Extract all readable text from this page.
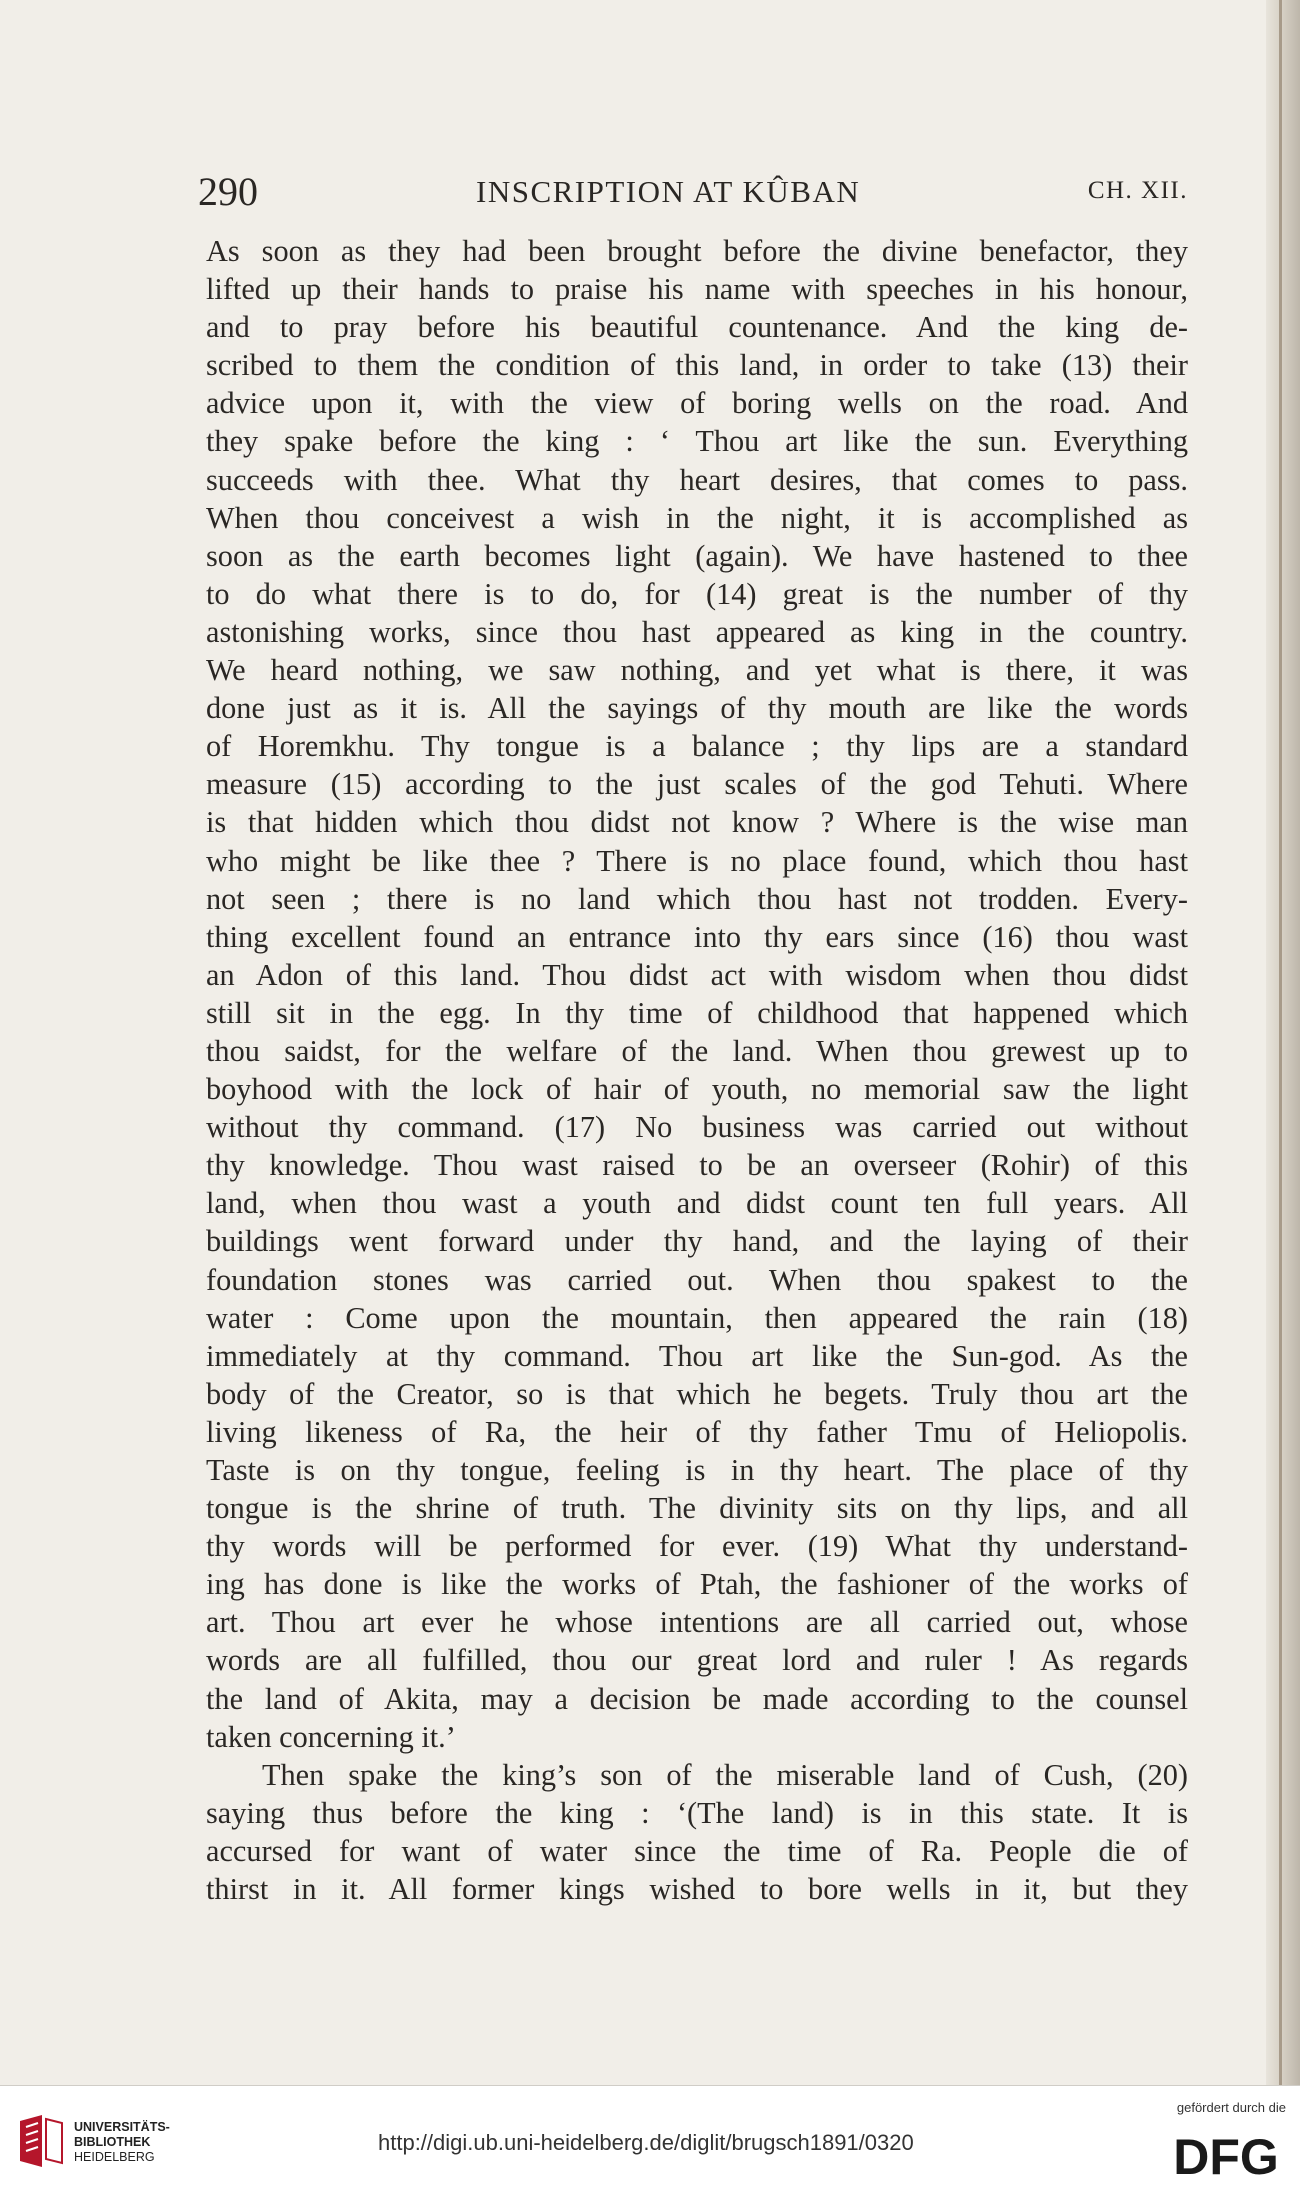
290	INSCRIPTION AT KÛBAN	CH. XII.
As soon as they had been brought before the divine benefactor, they
lifted up their hands to praise his name with speeches in his honour,
and to pray before his beautiful countenance. And the king de-
scribed to them the condition of this land, in order to take (13) their
advice upon it, with the view of boring wells on the road. And
they spake before the king : ‘ Thou art like the sun. Everything
succeeds with thee. What thy heart desires, that comes to pass.
When thou conceivest a wish in the night, it is accomplished as
soon as the earth becomes light (again). We have hastened to thee
to do what there is to do, for (14) great is the number of thy
astonishing works, since thou hast appeared as king in the country.
We heard nothing, we saw nothing, and yet what is there, it was
done just as it is. All the sayings of thy mouth are like the words
of Horemkhu. Thy tongue is a balance ; thy lips are a standard
measure (15) according to the just scales of the god Tehuti. Where
is that hidden which thou didst not know ? Where is the wise man
who might be like thee ? There is no place found, which thou hast
not seen ; there is no land which thou hast not trodden. Every-
thing excellent found an entrance into thy ears since (16) thou wast
an Adon of this land. Thou didst act with wisdom when thou didst
still sit in the egg. In thy time of childhood that happened which
thou saidst, for the welfare of the land. When thou grewest up to
boyhood with the lock of hair of youth, no memorial saw the light
without thy command. (17) No business was carried out without
thy knowledge. Thou wast raised to be an overseer (Rohir) of this
land, when thou wast a youth and didst count ten full years. All
buildings went forward under thy hand, and the laying of their
foundation stones was carried out. When thou spakest to the
water : Come upon the mountain, then appeared the rain (18)
immediately at thy command. Thou art like the Sun-god. As the
body of the Creator, so is that which he begets. Truly thou art the
living likeness of Ra, the heir of thy father Tmu of Heliopolis.
Taste is on thy tongue, feeling is in thy heart. The place of thy
tongue is the shrine of truth. The divinity sits on thy lips, and all
thy words will be performed for ever. (19) What thy understand-
ing has done is like the works of Ptah, the fashioner of the works of
art. Thou art ever he whose intentions are all carried out, whose
words are all fulfilled, thou our great lord and ruler ! As regards
the land of Akita, may a decision be made according to the counsel
taken concerning it.’
Then spake the king’s son of the miserable land of Cush, (20)
saying thus before the king : ‘(The land) is in this state. It is
accursed for want of water since the time of Ra. People die of
thirst in it. All former kings wished to bore wells in it, but they
UNIVERSITÄTS-
BIBLIOTHEK
HEIDELBERG
http://digi.ub.uni-heidelberg.de/diglit/brugsch1891/0320
gefördert durch die
DFG
